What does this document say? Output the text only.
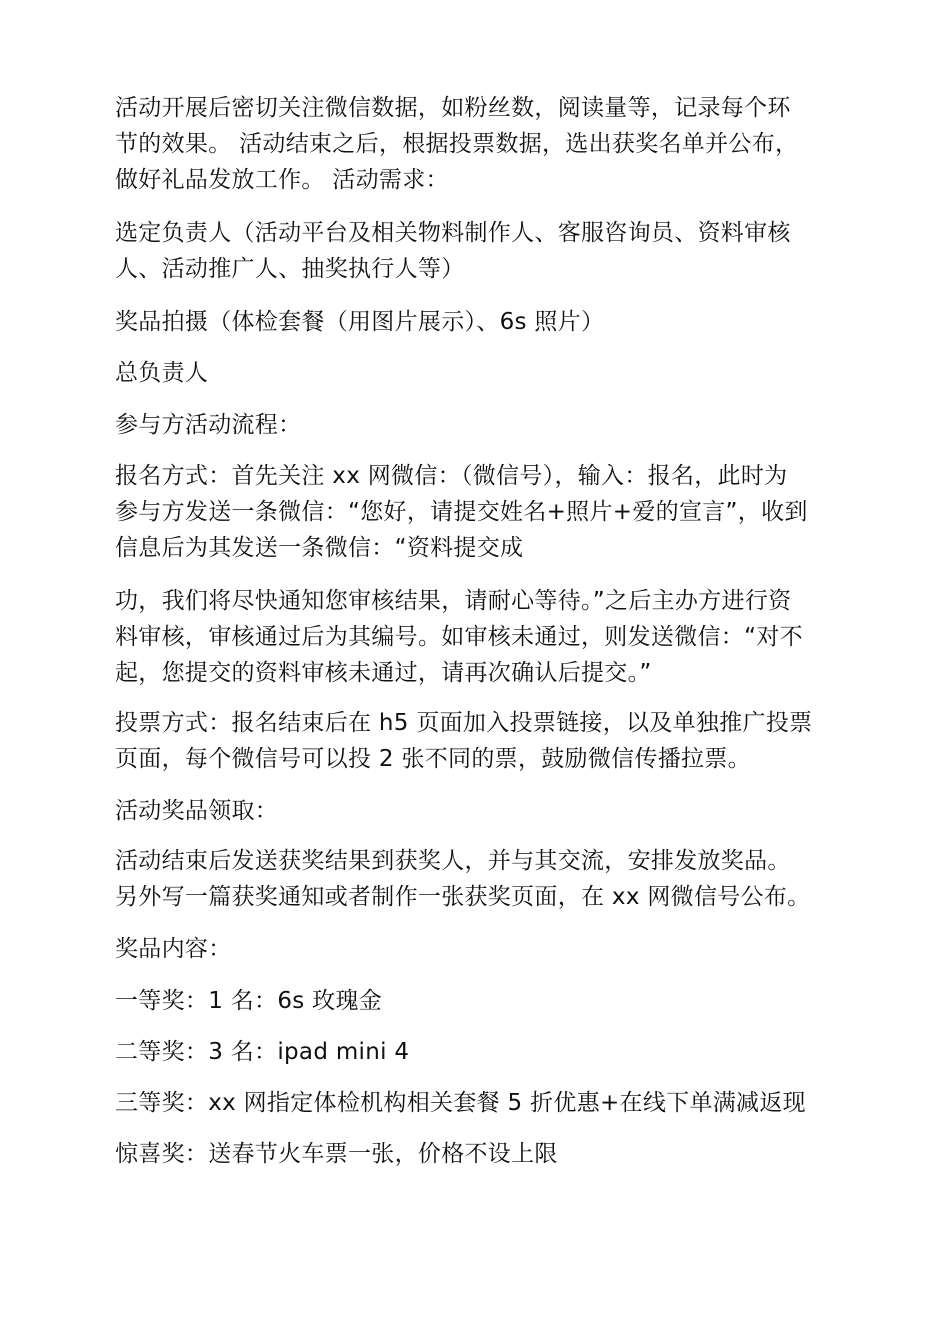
活动开展后密切关注微信数据，如粉丝数，阅读量等，记录每个环
节的效果。 活动结束之后，根据投票数据，选出获奖名单并公布，
做好礼品发放工作。 活动需求：
选定负责人（活动平台及相关物料制作人、客服咨询员、资料审核
人、活动推广人、抽奖执行人等）
奖品拍摄（体检套餐（用图片展示）、6s 照片）
总负责人
参与方活动流程：
报名方式：首先关注 xx 网微信：（微信号），输入：报名，此时为
参与方发送一条微信：“您好，请提交姓名+照片+爱的宣言”，收到
信息后为其发送一条微信：“资料提交成
功，我们将尽快通知您审核结果，请耐心等待。”之后主办方进行资
料审核，审核通过后为其编号。如审核未通过，则发送微信：“对不
起，您提交的资料审核未通过，请再次确认后提交。”
投票方式：报名结束后在 h5 页面加入投票链接，以及单独推广投票
页面，每个微信号可以投 2 张不同的票，鼓励微信传播拉票。
活动奖品领取：
活动结束后发送获奖结果到获奖人，并与其交流，安排发放奖品。
另外写一篇获奖通知或者制作一张获奖页面，在 xx 网微信号公布。
奖品内容：
一等奖：1 名：6s 玫瑰金
二等奖：3 名：ipad mini 4
三等奖：xx 网指定体检机构相关套餐 5 折优惠+在线下单满减返现
惊喜奖：送春节火车票一张，价格不设上限
